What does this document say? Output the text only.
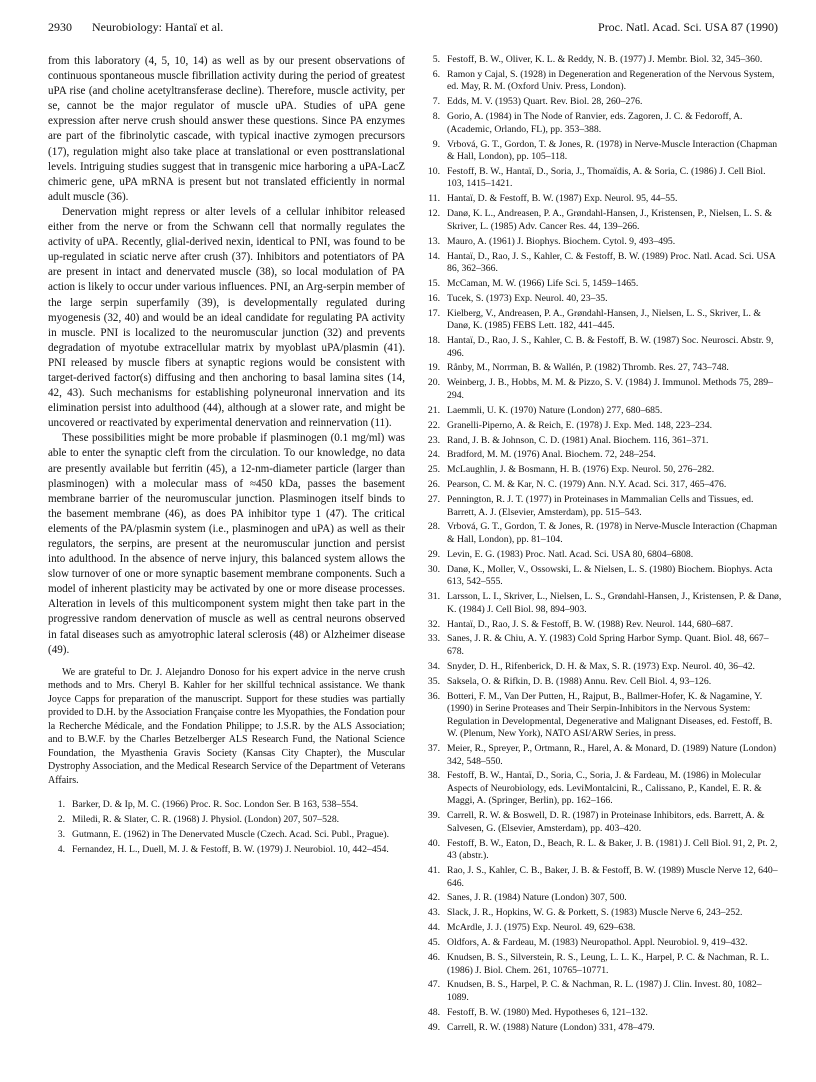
2930 Neurobiology: Hantaï et al.	Proc. Natl. Acad. Sci. USA 87 (1990)

from this laboratory (4, 5, 10, 14) as well as by our present observations of continuous spontaneous muscle fibrillation activity during the period of greatest uPA rise (and choline acetyltransferase decline). Therefore, muscle activity, per se, cannot be the major regulator of muscle uPA. Studies of uPA gene expression after nerve crush should answer these questions. Since PA enzymes are part of the fibrinolytic cascade, with typical inactive zymogen precursors (17), regulation might also take place at translational or even posttranslational levels. Intriguing studies suggest that in transgenic mice harboring a uPA-LacZ chimeric gene, uPA mRNA is present but not translated efficiently in normal adult muscle (36).

Denervation might repress or alter levels of a cellular inhibitor released either from the nerve or from the Schwann cell that normally regulates the activity of uPA. Recently, glial-derived nexin, identical to PNI, was found to be up-regulated in sciatic nerve after crush (37). Inhibitors and potentiators of PA are present in intact and denervated muscle (38), so local modulation of PA action is likely to occur under various influences. PNI, an Arg-serpin member of the large serpin superfamily (39), is developmentally regulated during myogenesis (32, 40) and would be an ideal candidate for regulating PA activity in muscle. PNI is localized to the neuromuscular junction (32) and prevents degradation of myotube extracellular matrix by myoblast uPA/plasmin (41). PNI released by muscle fibers at synaptic regions would be consistent with target-derived factor(s) diffusing and then anchoring to basal lamina sites (14, 42, 43). Such mechanisms for establishing polyneuronal innervation and its elimination persist into adulthood (44), although at a slower rate, and might be uncovered or reactivated by experimental denervation and reinnervation (11).

These possibilities might be more probable if plasminogen (0.1 mg/ml) was able to enter the synaptic cleft from the circulation. To our knowledge, no data are presently available but ferritin (45), a 12-nm-diameter particle (larger than plasminogen) with a molecular mass of ≈450 kDa, passes the basement membrane barrier of the neuromuscular junction. Plasminogen itself binds to the basement membrane (46), as does PA inhibitor type 1 (47). The critical elements of the PA/plasmin system (i.e., plasminogen and uPA) as well as their regulators, the serpins, are present at the neuromuscular junction and persist into adulthood. In the absence of nerve injury, this balanced system allows the slow turnover of one or more synaptic basement membrane components. Such a model of inherent plasticity may be activated by one or more disease processes. Alteration in levels of this multicomponent system might then take part in the progressive random denervation of muscle as well as central neurons observed in fatal diseases such as amyotrophic lateral sclerosis (48) or Alzheimer disease (49).

We are grateful to Dr. J. Alejandro Donoso for his expert advice in the nerve crush methods and to Mrs. Cheryl B. Kahler for her skillful technical assistance. We thank Joyce Capps for preparation of the manuscript. Support for these studies was partially provided to D.H. by the Association Française contre les Myopathies, the Fondation pour la Recherche Médicale, and the Fondation Philippe; to J.S.R. by the ALS Association; and to B.W.F. by the Charles Betzelberger ALS Research Fund, the National Science Foundation, the Myasthenia Gravis Society (Kansas City Chapter), the Muscular Dystrophy Association, and the Medical Research Service of the Department of Veterans Affairs.

1. Barker, D. & Ip, M. C. (1966) Proc. R. Soc. London Ser. B 163, 538–554.
2. Miledi, R. & Slater, C. R. (1968) J. Physiol. (London) 207, 507–528.
3. Gutmann, E. (1962) in The Denervated Muscle (Czech. Acad. Sci. Publ., Prague).
4. Fernandez, H. L., Duell, M. J. & Festoff, B. W. (1979) J. Neurobiol. 10, 442–454.
5. Festoff, B. W., Oliver, K. L. & Reddy, N. B. (1977) J. Membr. Biol. 32, 345–360.
6. Ramon y Cajal, S. (1928) in Degeneration and Regeneration of the Nervous System, ed. May, R. M. (Oxford Univ. Press, London).
7. Edds, M. V. (1953) Quart. Rev. Biol. 28, 260–276.
8. Gorio, A. (1984) in The Node of Ranvier, eds. Zagoren, J. C. & Fedoroff, A. (Academic, Orlando, FL), pp. 353–388.
9. Vrbová, G. T., Gordon, T. & Jones, R. (1978) in Nerve-Muscle Interaction (Chapman & Hall, London), pp. 105–118.
10. Festoff, B. W., Hantaï, D., Soria, J., Thomaïdis, A. & Soria, C. (1986) J. Cell Biol. 103, 1415–1421.
11. Hantaï, D. & Festoff, B. W. (1987) Exp. Neurol. 95, 44–55.
12. Danø, K. L., Andreasen, P. A., Grøndahl-Hansen, J., Kristensen, P., Nielsen, L. S. & Skriver, L. (1985) Adv. Cancer Res. 44, 139–266.
13. Mauro, A. (1961) J. Biophys. Biochem. Cytol. 9, 493–495.
14. Hantaï, D., Rao, J. S., Kahler, C. & Festoff, B. W. (1989) Proc. Natl. Acad. Sci. USA 86, 362–366.
15. McCaman, M. W. (1966) Life Sci. 5, 1459–1465.
16. Tucek, S. (1973) Exp. Neurol. 40, 23–35.
17. Kielberg, V., Andreasen, P. A., Grøndahl-Hansen, J., Nielsen, L. S., Skriver, L. & Danø, K. (1985) FEBS Lett. 182, 441–445.
18. Hantaï, D., Rao, J. S., Kahler, C. B. & Festoff, B. W. (1987) Soc. Neurosci. Abstr. 9, 496.
19. Rånby, M., Norrman, B. & Wallén, P. (1982) Thromb. Res. 27, 743–748.
20. Weinberg, J. B., Hobbs, M. M. & Pizzo, S. V. (1984) J. Immunol. Methods 75, 289–294.
21. Laemmli, U. K. (1970) Nature (London) 277, 680–685.
22. Granelli-Piperno, A. & Reich, E. (1978) J. Exp. Med. 148, 223–234.
23. Rand, J. B. & Johnson, C. D. (1981) Anal. Biochem. 116, 361–371.
24. Bradford, M. M. (1976) Anal. Biochem. 72, 248–254.
25. McLaughlin, J. & Bosmann, H. B. (1976) Exp. Neurol. 50, 276–282.
26. Pearson, C. M. & Kar, N. C. (1979) Ann. N.Y. Acad. Sci. 317, 465–476.
27. Pennington, R. J. T. (1977) in Proteinases in Mammalian Cells and Tissues, ed. Barrett, A. J. (Elsevier, Amsterdam), pp. 515–543.
28. Vrbová, G. T., Gordon, T. & Jones, R. (1978) in Nerve-Muscle Interaction (Chapman & Hall, London), pp. 81–104.
29. Levin, E. G. (1983) Proc. Natl. Acad. Sci. USA 80, 6804–6808.
30. Danø, K., Moller, V., Ossowski, L. & Nielsen, L. S. (1980) Biochem. Biophys. Acta 613, 542–555.
31. Larsson, L. I., Skriver, L., Nielsen, L. S., Grøndahl-Hansen, J., Kristensen, P. & Danø, K. (1984) J. Cell Biol. 98, 894–903.
32. Hantaï, D., Rao, J. S. & Festoff, B. W. (1988) Rev. Neurol. 144, 680–687.
33. Sanes, J. R. & Chiu, A. Y. (1983) Cold Spring Harbor Symp. Quant. Biol. 48, 667–678.
34. Snyder, D. H., Rifenberick, D. H. & Max, S. R. (1973) Exp. Neurol. 40, 36–42.
35. Saksela, O. & Rifkin, D. B. (1988) Annu. Rev. Cell Biol. 4, 93–126.
36. Botteri, F. M., Van Der Putten, H., Rajput, B., Ballmer-Hofer, K. & Nagamine, Y. (1990) in Serine Proteases and Their Serpin-Inhibitors in the Nervous System: Regulation in Developmental, Degenerative and Malignant Diseases, ed. Festoff, B. W. (Plenum, New York), NATO ASI/ARW Series, in press.
37. Meier, R., Spreyer, P., Ortmann, R., Harel, A. & Monard, D. (1989) Nature (London) 342, 548–550.
38. Festoff, B. W., Hantaï, D., Soria, C., Soria, J. & Fardeau, M. (1986) in Molecular Aspects of Neurobiology, eds. LeviMontalcini, R., Calissano, P., Kandel, E. R. & Maggi, A. (Springer, Berlin), pp. 162–166.
39. Carrell, R. W. & Boswell, D. R. (1987) in Proteinase Inhibitors, eds. Barrett, A. & Salvesen, G. (Elsevier, Amsterdam), pp. 403–420.
40. Festoff, B. W., Eaton, D., Beach, R. L. & Baker, J. B. (1981) J. Cell Biol. 91, 2, Pt. 2, 43 (abstr.).
41. Rao, J. S., Kahler, C. B., Baker, J. B. & Festoff, B. W. (1989) Muscle Nerve 12, 640–646.
42. Sanes, J. R. (1984) Nature (London) 307, 500.
43. Slack, J. R., Hopkins, W. G. & Porkett, S. (1983) Muscle Nerve 6, 243–252.
44. McArdle, J. J. (1975) Exp. Neurol. 49, 629–638.
45. Oldfors, A. & Fardeau, M. (1983) Neuropathol. Appl. Neurobiol. 9, 419–432.
46. Knudsen, B. S., Silverstein, R. S., Leung, L. L. K., Harpel, P. C. & Nachman, R. L. (1986) J. Biol. Chem. 261, 10765–10771.
47. Knudsen, B. S., Harpel, P. C. & Nachman, R. L. (1987) J. Clin. Invest. 80, 1082–1089.
48. Festoff, B. W. (1980) Med. Hypotheses 6, 121–132.
49. Carrell, R. W. (1988) Nature (London) 331, 478–479.
